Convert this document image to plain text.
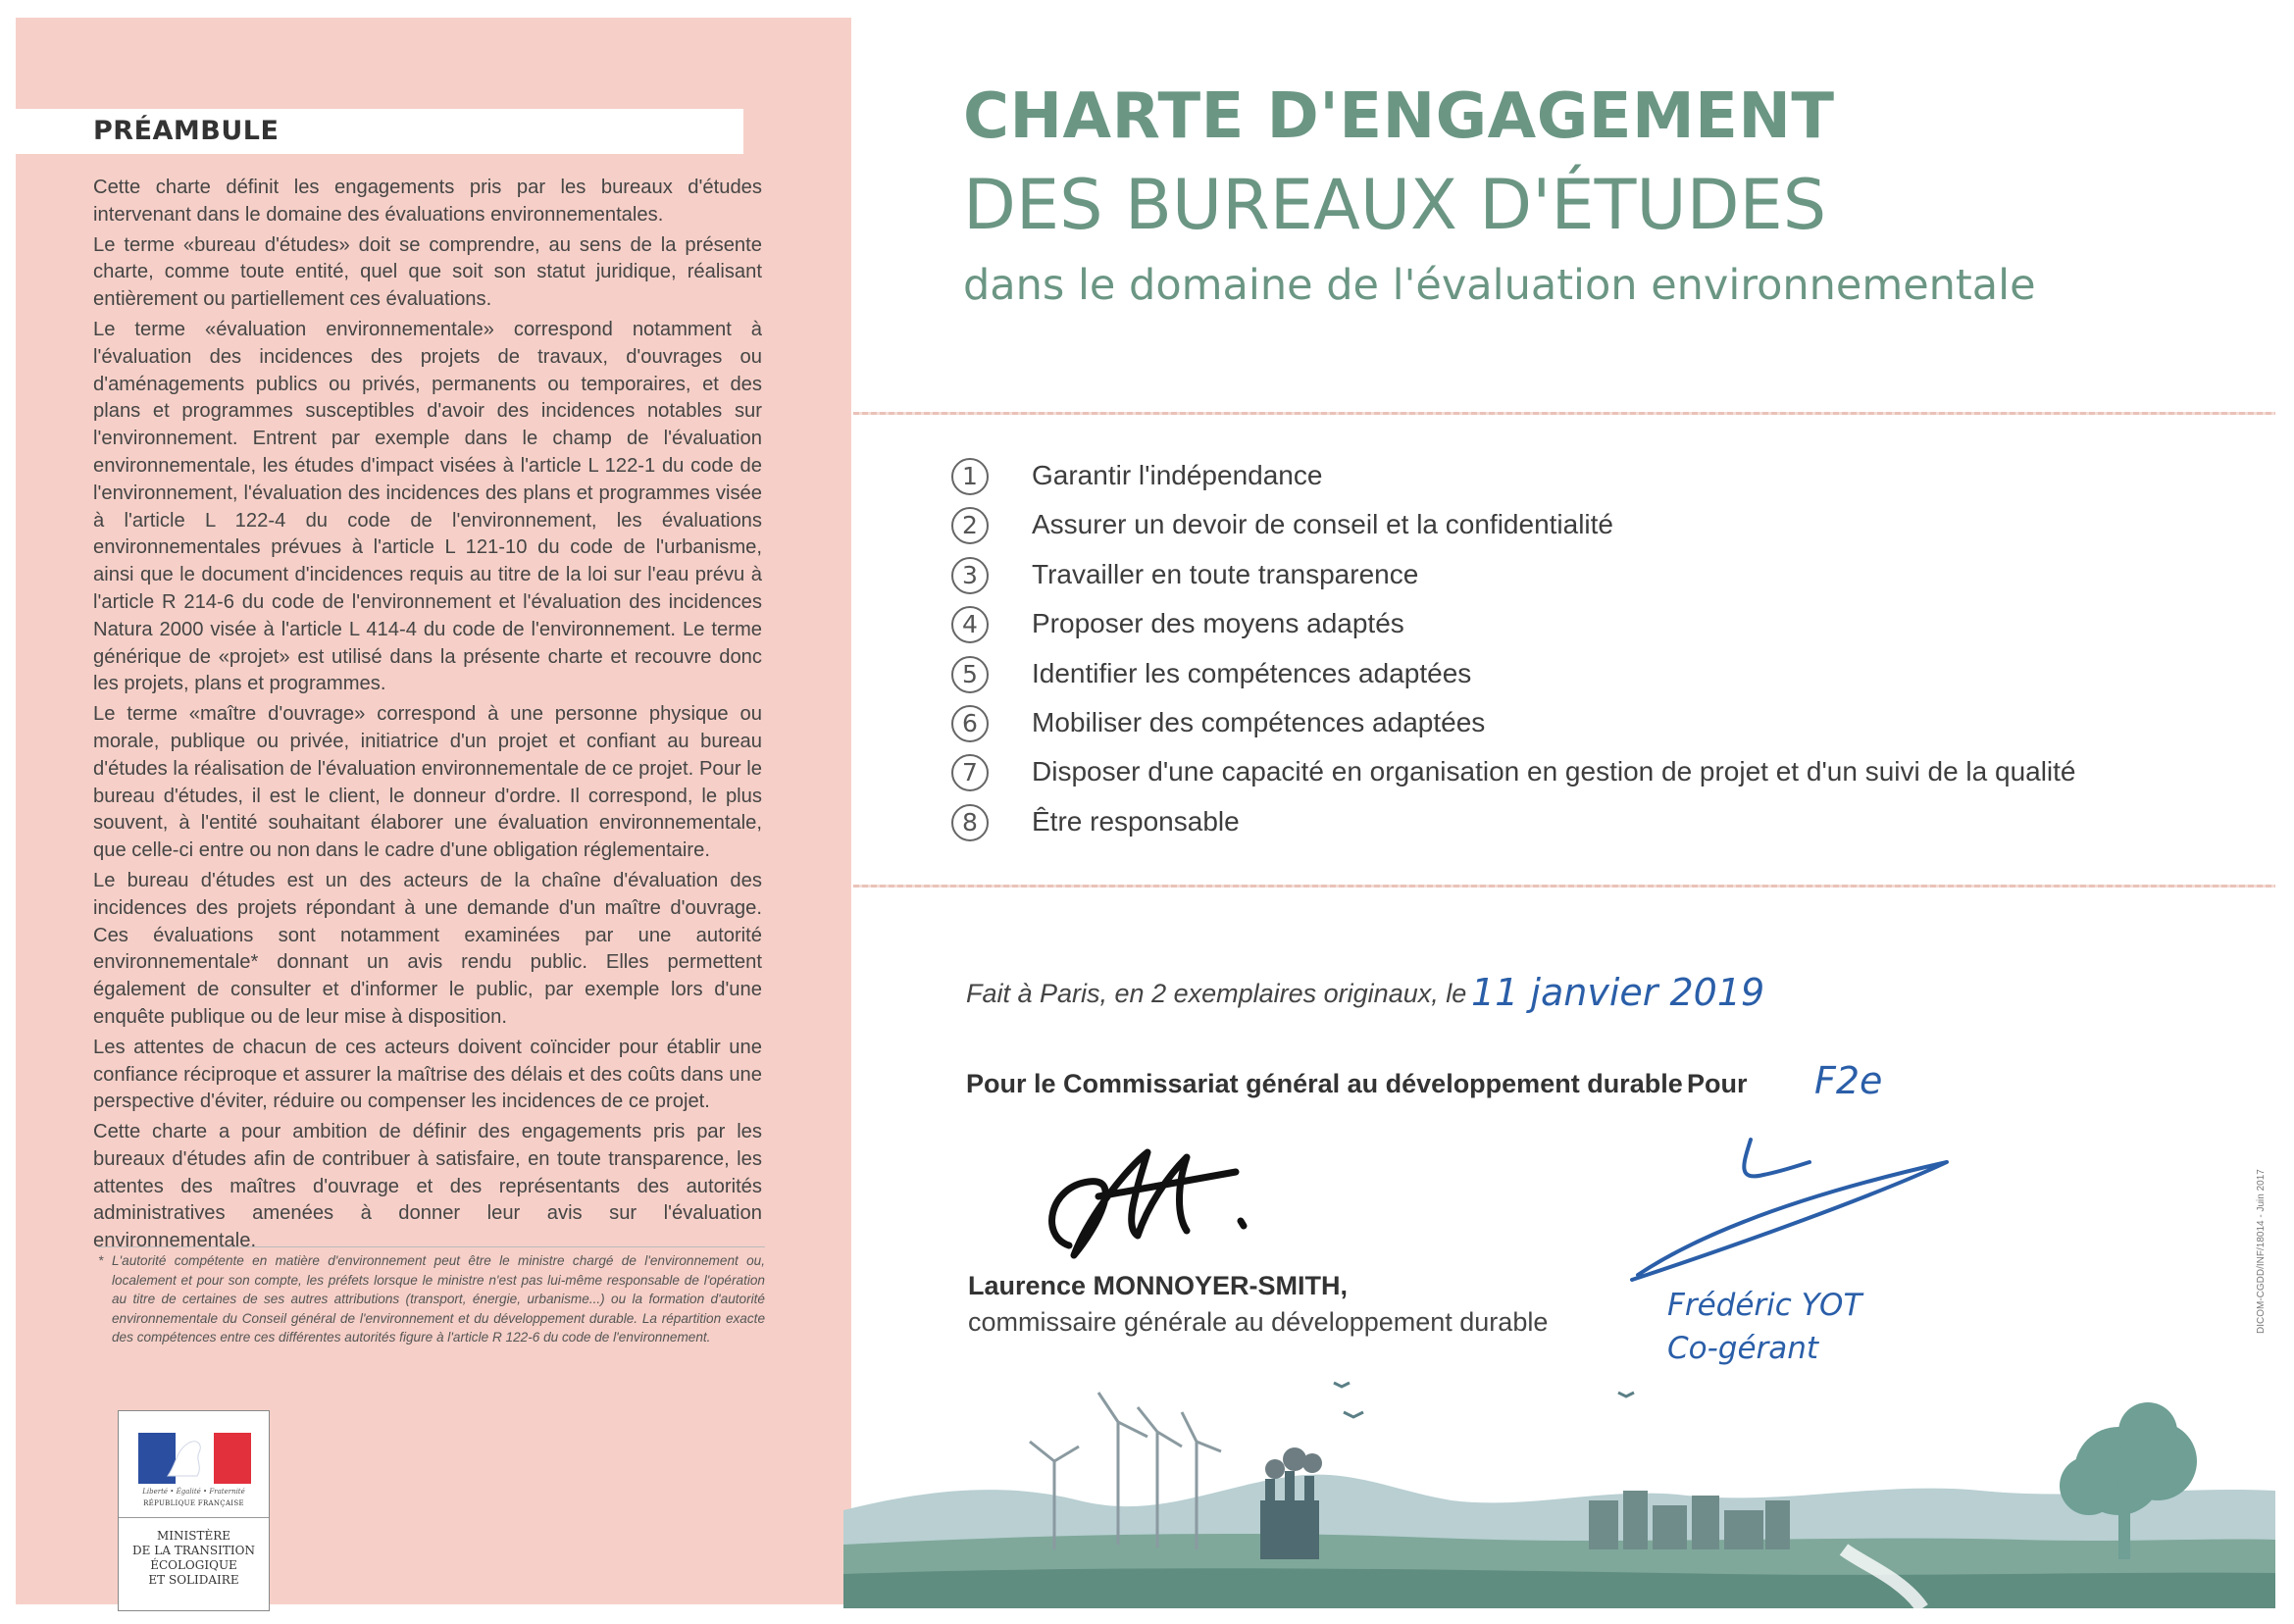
PRÉAMBULE

Cette charte définit les engagements pris par les bureaux d'études intervenant dans le domaine des évaluations environnementales.

Le terme «bureau d'études» doit se comprendre, au sens de la présente charte, comme toute entité, quel que soit son statut juridique, réalisant entièrement ou partiellement ces évaluations.

Le terme «évaluation environnementale» correspond notamment à l'évaluation des incidences des projets de travaux, d'ouvrages ou d'aménagements publics ou privés, permanents ou temporaires, et des plans et programmes susceptibles d'avoir des incidences notables sur l'environnement. Entrent par exemple dans le champ de l'évaluation environnementale, les études d'impact visées à l'article L 122-1 du code de l'environnement, l'évaluation des incidences des plans et programmes visée à l'article L 122-4 du code de l'environnement, les évaluations environnementales prévues à l'article L 121-10 du code de l'urbanisme, ainsi que le document d'incidences requis au titre de la loi sur l'eau prévu à l'article R 214-6 du code de l'environnement et l'évaluation des incidences Natura 2000 visée à l'article L 414-4 du code de l'environnement. Le terme générique de «projet» est utilisé dans la présente charte et recouvre donc les projets, plans et programmes.

Le terme «maître d'ouvrage» correspond à une personne physique ou morale, publique ou privée, initiatrice d'un projet et confiant au bureau d'études la réalisation de l'évaluation environnementale de ce projet. Pour le bureau d'études, il est le client, le donneur d'ordre. Il correspond, le plus souvent, à l'entité souhaitant élaborer une évaluation environnementale, que celle-ci entre ou non dans le cadre d'une obligation réglementaire.

Le bureau d'études est un des acteurs de la chaîne d'évaluation des incidences des projets répondant à une demande d'un maître d'ouvrage. Ces évaluations sont notamment examinées par une autorité environnementale* donnant un avis rendu public. Elles permettent également de consulter et d'informer le public, par exemple lors d'une enquête publique ou de leur mise à disposition.

Les attentes de chacun de ces acteurs doivent coïncider pour établir une confiance réciproque et assurer la maîtrise des délais et des coûts dans une perspective d'éviter, réduire ou compenser les incidences de ce projet.

Cette charte a pour ambition de définir des engagements pris par les bureaux d'études afin de contribuer à satisfaire, en toute transparence, les attentes des maîtres d'ouvrage et des représentants des autorités administratives amenées à donner leur avis sur l'évaluation environnementale.

* L'autorité compétente en matière d'environnement peut être le ministre chargé de l'environnement ou, localement et pour son compte, les préfets lorsque le ministre n'est pas lui-même responsable de l'opération au titre de certaines de ses autres attributions (transport, énergie, urbanisme...) ou la formation d'autorité environnementale du Conseil général de l'environnement et du développement durable. La répartition exacte des compétences entre ces différentes autorités figure à l'article R 122-6 du code de l'environnement.
Liberté • Égalité • Fraternité
RÉPUBLIQUE FRANÇAISE
MINISTÈRE
DE LA TRANSITION
ÉCOLOGIQUE
ET SOLIDAIRE
CHARTE D'ENGAGEMENT
DES BUREAUX D'ÉTUDES
dans le domaine de l'évaluation environnementale
1	Garantir l'indépendance
2	Assurer un devoir de conseil et la confidentialité
3	Travailler en toute transparence
4	Proposer des moyens adaptés
5	Identifier les compétences adaptées
6	Mobiliser des compétences adaptées
7	Disposer d'une capacité en organisation en gestion de projet et d'un suivi de la qualité
8	Être responsable
Fait à Paris, en 2 exemplaires originaux, le 11 janvier 2019
Pour le Commissariat général au développement durable Pour F2e
Laurence MONNOYER-SMITH,
commissaire générale au développement durable	Frédéric YOT
Co-gérant
DICOM-CGDD/INF/18014 - Juin 2017
